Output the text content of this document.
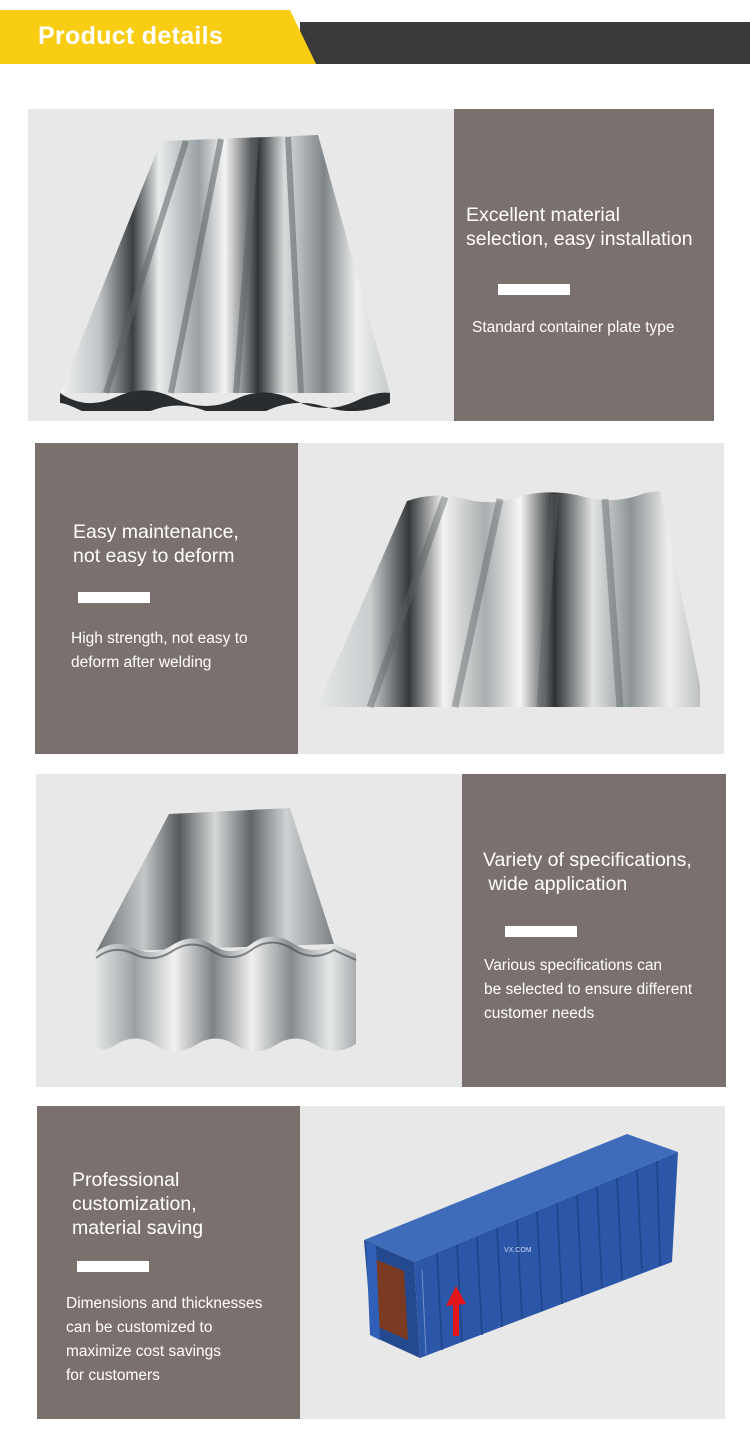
Product details
Excellent material
selection, easy installation
Standard container plate type
Easy maintenance,
not easy to deform
High strength, not easy to
deform after welding
Variety of specifications,
wide application
Various specifications can
be selected to ensure different
customer needs
Professional
customization,
material saving
Dimensions and thicknesses
can be customized to
maximize cost savings
for customers
VX.COM
